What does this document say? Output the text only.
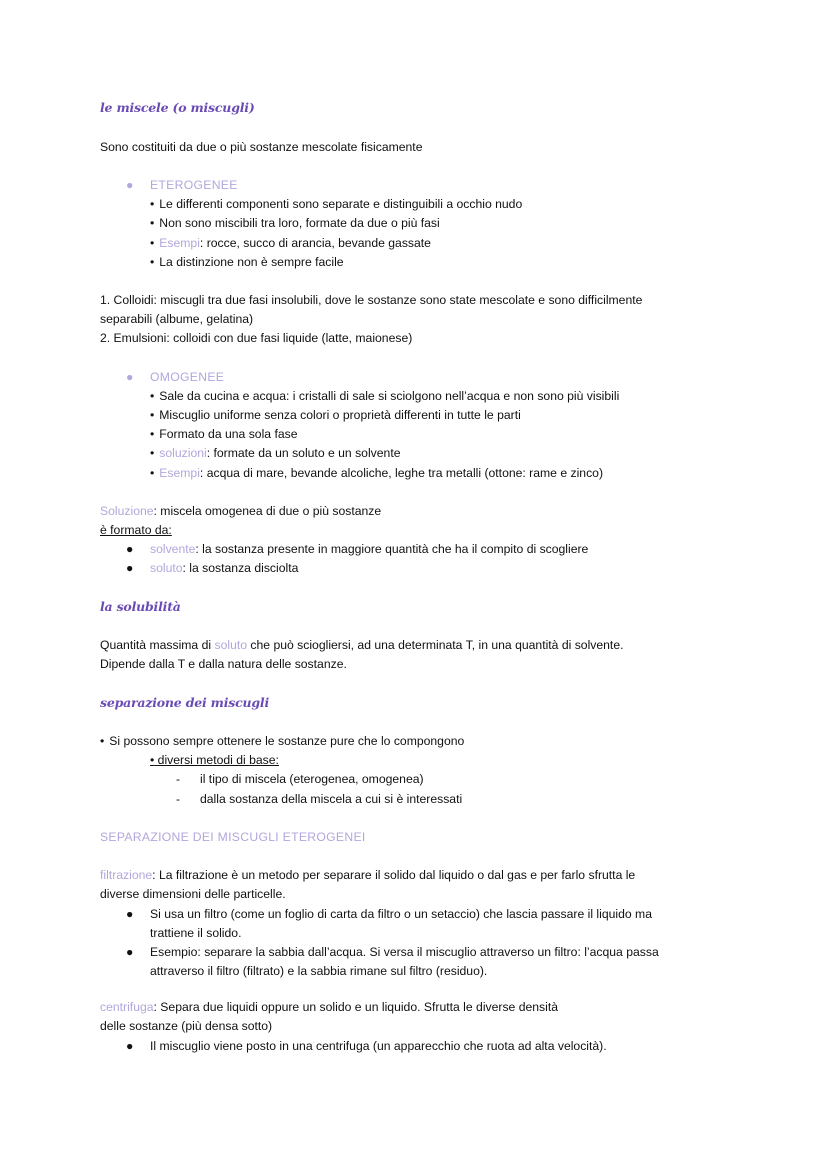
le miscele (o miscugli)
Sono costituiti da due o più sostanze mescolate fisicamente
● ETEROGENEE
• Le differenti componenti sono separate e distinguibili a occhio nudo
• Non sono miscibili tra loro, formate da due o più fasi
• Esempi: rocce, succo di arancia, bevande gassate
• La distinzione non è sempre facile
1. Colloidi: miscugli tra due fasi insolubili, dove le sostanze sono state mescolate e sono difficilmente
separabili (albume, gelatina)
2. Emulsioni: colloidi con due fasi liquide (latte, maionese)
● OMOGENEE
• Sale da cucina e acqua: i cristalli di sale si sciolgono nell’acqua e non sono più visibili
• Miscuglio uniforme senza colori o proprietà differenti in tutte le parti
• Formato da una sola fase
• soluzioni: formate da un soluto e un solvente
• Esempi: acqua di mare, bevande alcoliche, leghe tra metalli (ottone: rame e zinco)
Soluzione: miscela omogenea di due o più sostanze
è formato da:
● solvente: la sostanza presente in maggiore quantità che ha il compito di scogliere
● soluto: la sostanza disciolta
la solubilità
Quantità massima di soluto che può sciogliersi, ad una determinata T, in una quantità di solvente.
Dipende dalla T e dalla natura delle sostanze.
separazione dei miscugli
• Si possono sempre ottenere le sostanze pure che lo compongono
• diversi metodi di base:
- il tipo di miscela (eterogenea, omogenea)
- dalla sostanza della miscela a cui si è interessati
SEPARAZIONE DEI MISCUGLI ETEROGENEI
filtrazione: La filtrazione è un metodo per separare il solido dal liquido o dal gas e per farlo sfrutta le
diverse dimensioni delle particelle.
● Si usa un filtro (come un foglio di carta da filtro o un setaccio) che lascia passare il liquido ma
trattiene il solido.
● Esempio: separare la sabbia dall’acqua. Si versa il miscuglio attraverso un filtro: l’acqua passa
attraverso il filtro (filtrato) e la sabbia rimane sul filtro (residuo).
centrifuga: Separa due liquidi oppure un solido e un liquido. Sfrutta le diverse densità
delle sostanze (più densa sotto)
● Il miscuglio viene posto in una centrifuga (un apparecchio che ruota ad alta velocità).
